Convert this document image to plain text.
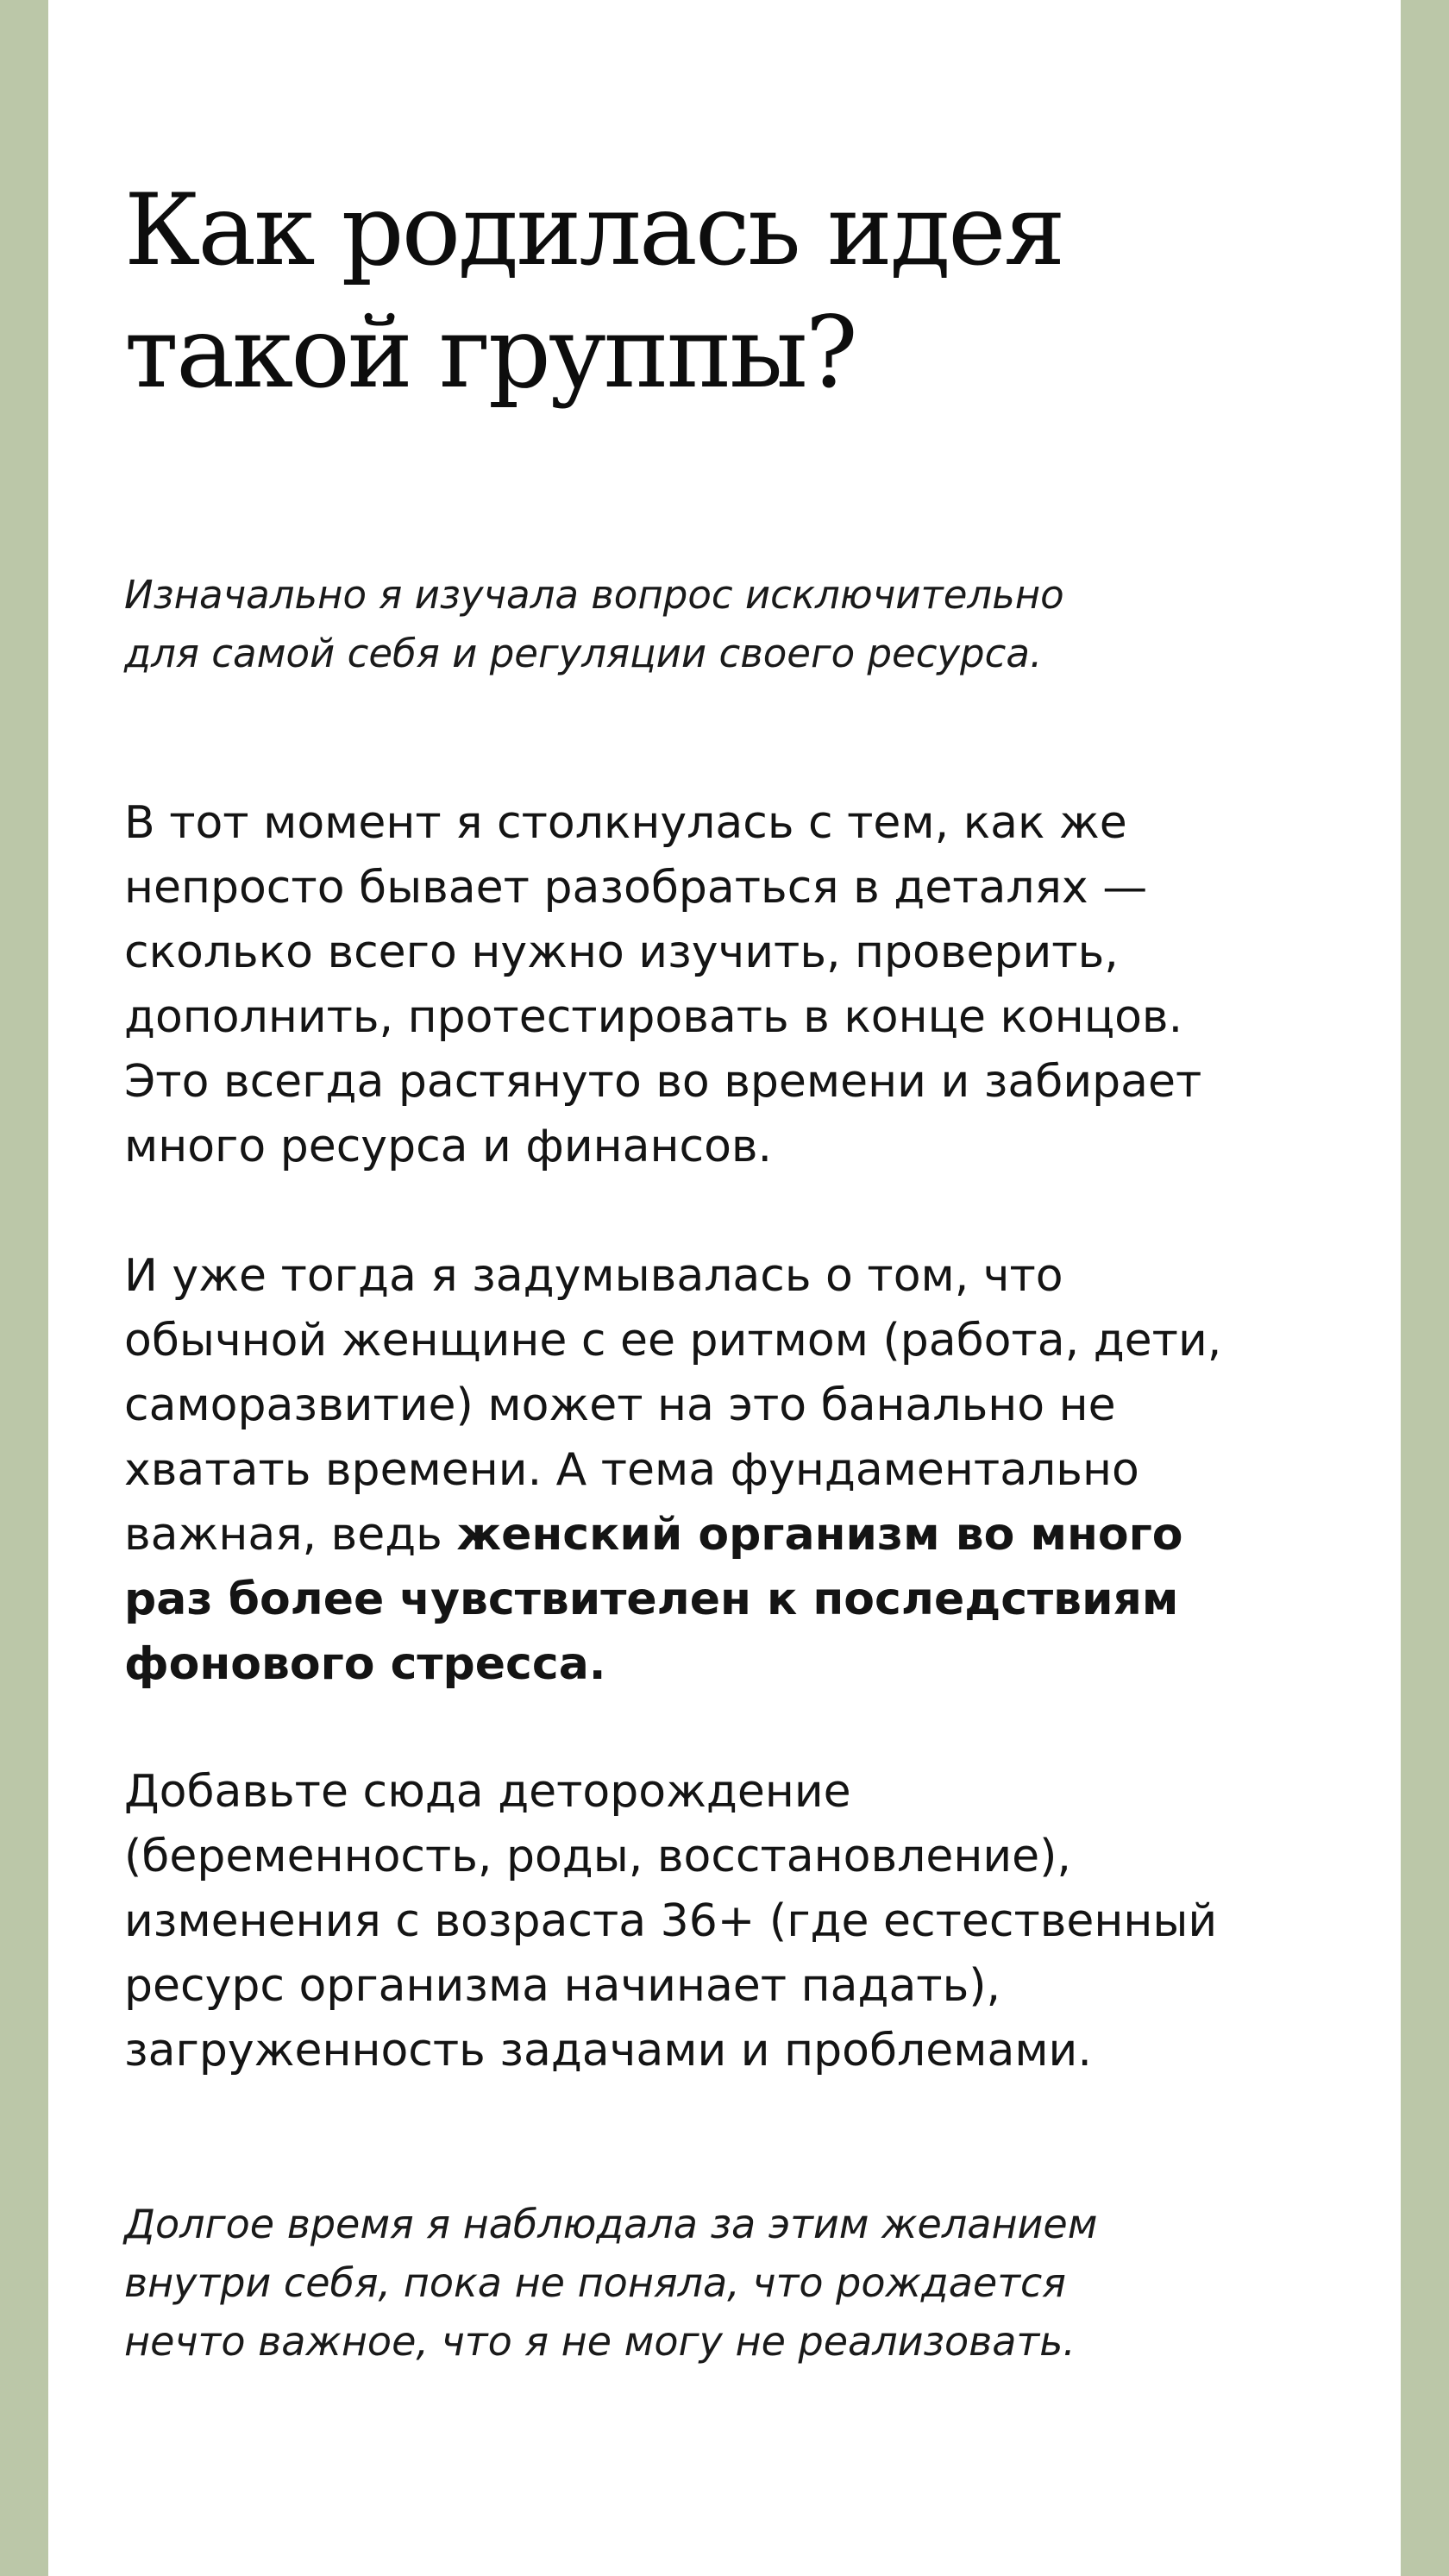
Как родилась идея
такой группы?

Изначально я изучала вопрос исключительно
для самой себя и регуляции своего ресурса.

В тот момент я столкнулась с тем, как же
непросто бывает разобраться в деталях —
сколько всего нужно изучить, проверить,
дополнить, протестировать в конце концов.
Это всегда растянуто во времени и забирает
много ресурса и финансов.

И уже тогда я задумывалась о том, что
обычной женщине с ее ритмом (работа, дети,
саморазвитие) может на это банально не
хватать времени. А тема фундаментально
важная, ведь женский организм во много
раз более чувствителен к последствиям
фонового стресса.

Добавьте сюда деторождение
(беременность, роды, восстановление),
изменения с возраста 36+ (где естественный
ресурс организма начинает падать),
загруженность задачами и проблемами.

Долгое время я наблюдала за этим желанием
внутри себя, пока не поняла, что рождается
нечто важное, что я не могу не реализовать.
